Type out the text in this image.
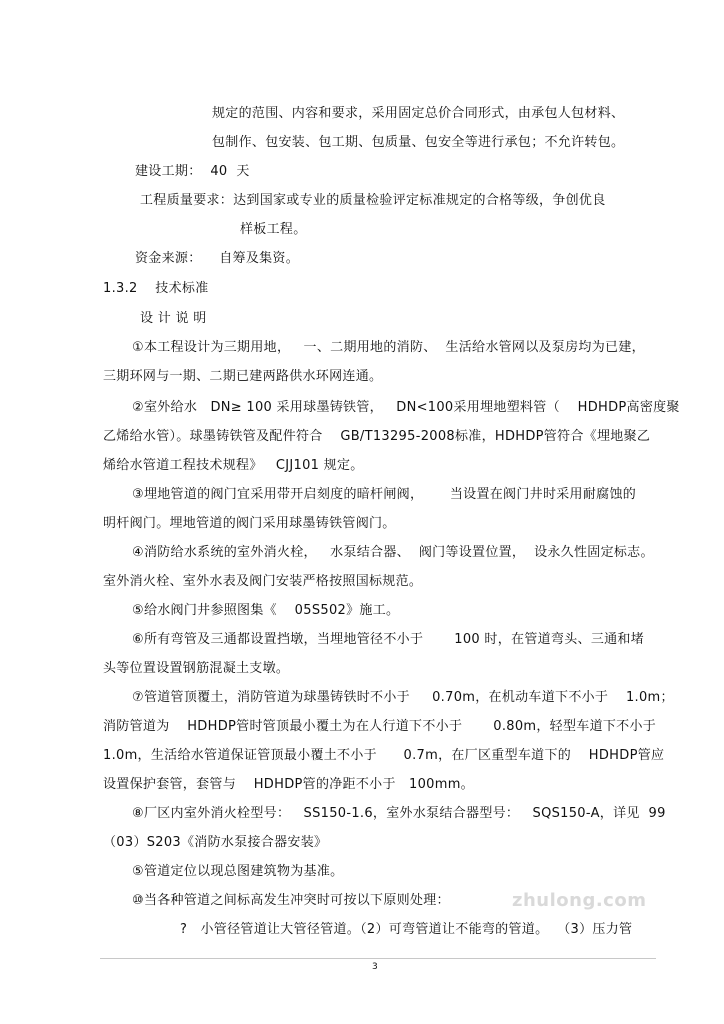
规定的范围、内容和要求，采用固定总价合同形式，由承包人包材料、
包制作、包安装、包工期、包质量、包安全等进行承包；不允许转包。
建设工期：  40  天
工程质量要求：达到国家或专业的质量检验评定标准规定的合格等级，争创优良
样板工程。
资金来源：    自筹及集资。
1.3.2    技术标准
设 计 说 明
①本工程设计为三期用地，   一、二期用地的消防、  生活给水管网以及泵房均为已建，
三期环网与一期、二期已建两路供水环网连通。
②室外给水   DN≥ 100 采用球墨铸铁管，   DN<100采用埋地塑料管（    HDHDP高密度聚
乙烯给水管）。球墨铸铁管及配件符合    GB/T13295-2008标准，HDHDP管符合《埋地聚乙
烯给水管道工程技术规程》   CJJ101 规定。
③埋地管道的阀门宜采用带开启刻度的暗杆闸阀，      当设置在阀门井时采用耐腐蚀的
明杆阀门。埋地管道的阀门采用球墨铸铁管阀门。
④消防给水系统的室外消火栓，   水泵结合器、  阀门等设置位置，  设永久性固定标志。
室外消火栓、室外水表及阀门安装严格按照国标规范。
⑤给水阀门井参照图集《    05S502》施工。
⑥所有弯管及三通都设置挡墩，当埋地管径不小于       100 时，在管道弯头、三通和堵
头等位置设置钢筋混凝土支墩。
⑦管道管顶覆土，消防管道为球墨铸铁时不小于     0.70m，在机动车道下不小于    1.0m；
消防管道为    HDHDP管时管顶最小覆土为在人行道下不小于       0.80m，轻型车道下不小于
1.0m，生活给水管道保证管顶最小覆土不小于      0.7m，在厂区重型车道下的    HDHDP管应
设置保护套管，套管与    HDHDP管的净距不小于   100mm。
⑧厂区内室外消火栓型号：   SS150-1.6，室外水泵结合器型号：   SQS150-A，详见  99
（03）S203《消防水泵接合器安装》
⑤管道定位以现总图建筑物为基准。
⑩当各种管道之间标高发生冲突时可按以下原则处理：
?   小管径管道让大管径管道。（2）可弯管道让不能弯的管道。  （3）压力管
zhulong.com
3
